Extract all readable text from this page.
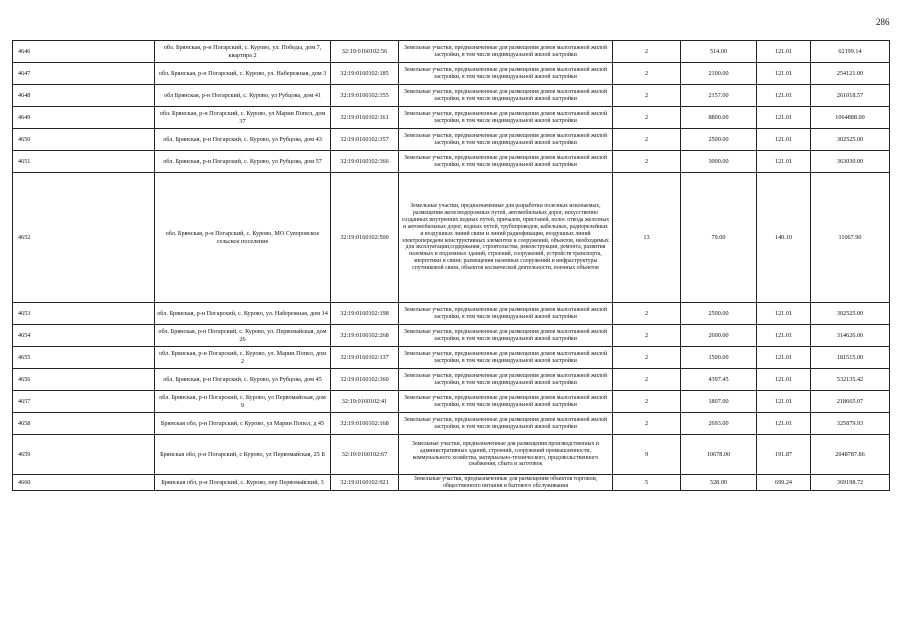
286
4646	обл. Брянская, р-н Погарский, с. Курово, ул. Победы, дом 7, квартира 2	32:19:0160102:56	Земельные участки, предназначенные для размещения домов малоэтажной жилой застройки, в том числе индивидуальной жилой застройки	2	514.00	121.01	62199.14
4647	обл. Брянская, р-н Погарский, с. Курово, ул. Набережная, дом 3	32:19:0160102:185	Земельные участки, предназначенные для размещения домов малоэтажной жилой застройки, в том числе индивидуальной жилой застройки	2	2100.00	121.01	254121.00
4648	обл Брянская, р-н Погарский, с. Курово, ул Рубцова, дом 41	32:19:0160102:355	Земельные участки, предназначенные для размещения домов малоэтажной жилой застройки, в том числе индивидуальной жилой застройки	2	2157.00	121.01	261018.57
4649	обл. Брянская, р-н Погарский, с. Курово, ул Марии Попел, дом 37	32:19:0160102:161	Земельные участки, предназначенные для размещения домов малоэтажной жилой застройки, в том числе индивидуальной жилой застройки	2	8800.00	121.01	1064888.00
4650	обл. Брянская, р-н Погарский, с. Курово, ул Рубцова, дом 43	32:19:0160102:357	Земельные участки, предназначенные для размещения домов малоэтажной жилой застройки, в том числе индивидуальной жилой застройки	2	2500.00	121.01	302525.00
4651	обл. Брянская, р-н Погарский, с. Курово, ул Рубцова, дом 57	32:19:0160102:366	Земельные участки, предназначенные для размещения домов малоэтажной жилой застройки, в том числе индивидуальной жилой застройки	2	3000.00	121.01	363030.00
4652	обл. Брянская, р-н Погарский, с. Курово, МО Суворовское сельское поселение	32:19:0160102:500	Земельные участки, предназначенные для разработки полезных ископаемых, размещения железнодорожных путей, автомобильных дорог, искусственно созданных внутренних водных путей, причалов, пристаней, полос отвода железных и автомобильных дорог, водных путей, трубопроводов, кабельных, радиорелейных и воздушных линий связи и линий радиофикации, воздушных линий электропередачи конструктивных элементов и сооружений, объектов, необходимых для эксплуатации,содержания, строительства, реконструкции, ремонта, развития наземных и подземных зданий, строений, сооружений, устройств транспорта, энергетики и связи; размещения наземных сооружений и инфраструктуры спутниковой связи, объектов космической деятельности, военных объектов	13	79.00	140.10	11067.90
4653	обл. Брянская, р-н Погарский, с. Курово, ул. Набережная, дом 14	32:19:0160102:198	Земельные участки, предназначенные для размещения домов малоэтажной жилой застройки, в том числе индивидуальной жилой застройки	2	2500.00	121.01	302525.00
4654	обл. Брянская, р-н Погарский, с. Курово, ул. Первомайская, дом 26	32:19:0160102:268	Земельные участки, предназначенные для размещения домов малоэтажной жилой застройки, в том числе индивидуальной жилой застройки	2	2600.00	121.01	314626.00
4655	обл. Брянская, р-н Погарский, с. Курово, ул. Марии Попел, дом 2	32:19:0160102:137	Земельные участки, предназначенные для размещения домов малоэтажной жилой застройки, в том числе индивидуальной жилой застройки	2	1500.00	121.01	181515.00
4656	обл. Брянская, р-н Погарский, с. Курово, ул Рубцова, дом 45	32:19:0160102:360	Земельные участки, предназначенные для размещения домов малоэтажной жилой застройки, в том числе индивидуальной жилой застройки	2	4397.45	121.01	532135.42
4657	обл. Брянская, р-н Погарский, с. Курово, ул Первомайская, дом 9	32:19:0160102:41	Земельные участки, предназначенные для размещения домов малоэтажной жилой застройки, в том числе индивидуальной жилой застройки	2	1807.00	121.01	218665.07
4658	Брянская обл, р-н Погарский, с Курово, ул Марии Попел, д 45	32:19:0160102:168	Земельные участки, предназначенные для размещения домов малоэтажной жилой застройки, в том числе индивидуальной жилой застройки	2	2693.00	121.01	325879.93
4659	Брянская обл, р-н Погарский, с Курово, ул Первомайская, 25 Б	32:19:0160102:67	Земельные участки, предназначенные для размещения производственных и административных зданий, строений, сооружений промышленности, коммунального хозяйства, материально-технического, продовольственного снабжения, сбыта и заготовок	9	10678.00	191.87	2048787.86
4660	Брянская обл, р-н Погарский, с. Курово, пер Первомайский, 3	32:19:0160102:921	Земельные участки, предназначенные для размещения объектов торговли, общественного питания и бытового обслуживания	5	528.00	699.24	369198.72
